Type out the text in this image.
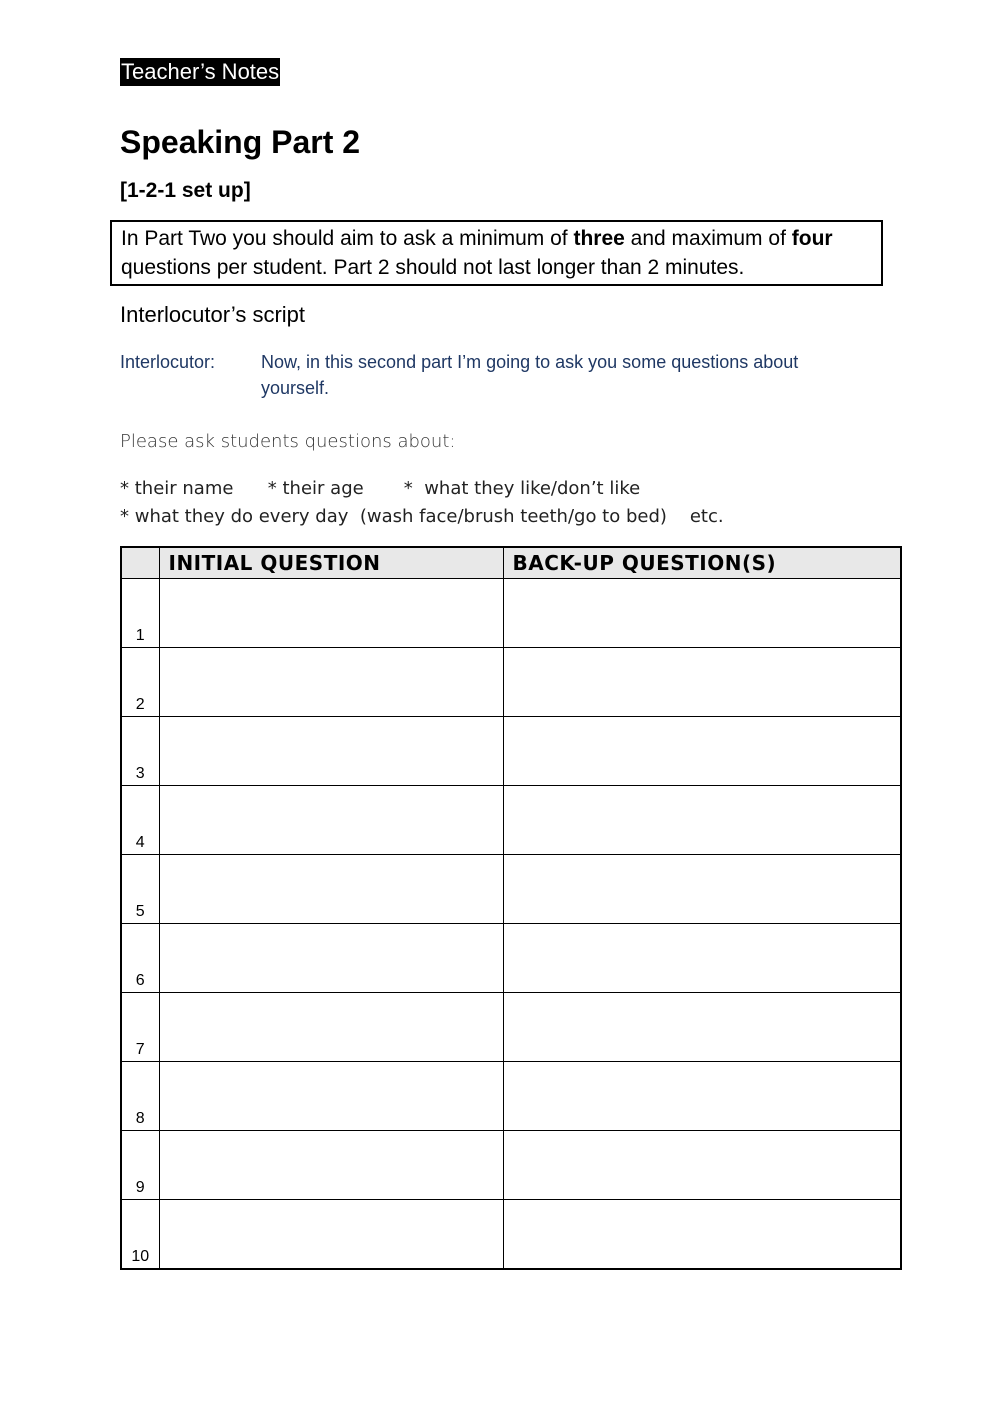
Teacher’s Notes
Speaking Part 2
[1-2-1 set up]
In Part Two you should aim to ask a minimum of three and maximum of four questions per student. Part 2 should not last longer than 2 minutes.

Interlocutor’s script

Interlocutor:	Now, in this second part I’m going to ask you some questions about yourself.
Please ask students questions about:
* their name * their age *  what they like/don’t like     * what they do every day  (wash face/brush teeth/go to bed) etc.
	INITIAL QUESTION	BACK-UP QUESTION(S)
1		
2		
3		
4		
5		
6		
7		
8		
9		
10		
